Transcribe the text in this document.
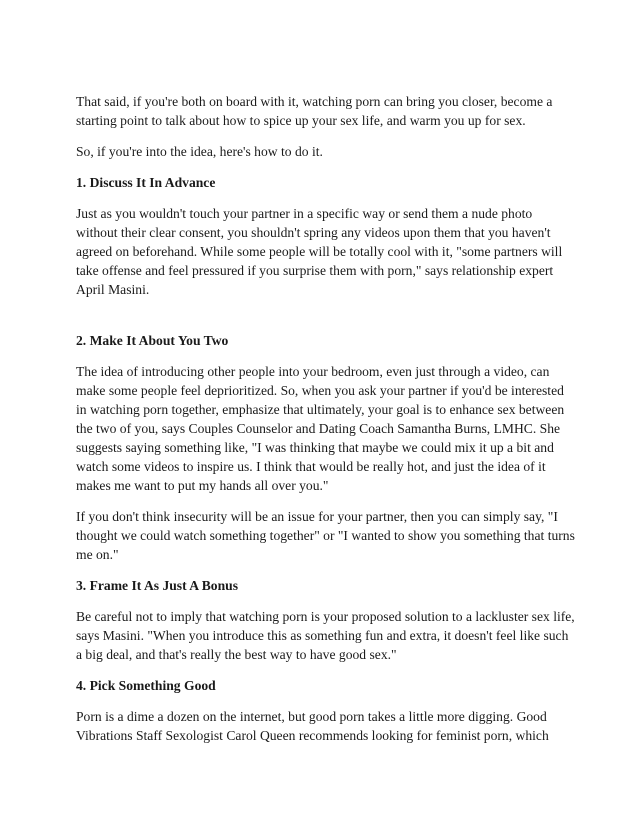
That said, if you're both on board with it, watching porn can bring you closer, become a starting point to talk about how to spice up your sex life, and warm you up for sex.

So, if you're into the idea, here's how to do it.

1. Discuss It In Advance

Just as you wouldn't touch your partner in a specific way or send them a nude photo without their clear consent, you shouldn't spring any videos upon them that you haven't agreed on beforehand. While some people will be totally cool with it, "some partners will take offense and feel pressured if you surprise them with porn," says relationship expert April Masini.

2. Make It About You Two

The idea of introducing other people into your bedroom, even just through a video, can make some people feel deprioritized. So, when you ask your partner if you'd be interested in watching porn together, emphasize that ultimately, your goal is to enhance sex between the two of you, says Couples Counselor and Dating Coach Samantha Burns, LMHC. She suggests saying something like, "I was thinking that maybe we could mix it up a bit and watch some videos to inspire us. I think that would be really hot, and just the idea of it makes me want to put my hands all over you."

If you don't think insecurity will be an issue for your partner, then you can simply say, "I thought we could watch something together" or "I wanted to show you something that turns me on."

3. Frame It As Just A Bonus

Be careful not to imply that watching porn is your proposed solution to a lackluster sex life, says Masini. "When you introduce this as something fun and extra, it doesn't feel like such a big deal, and that's really the best way to have good sex."

4. Pick Something Good

Porn is a dime a dozen on the internet, but good porn takes a little more digging. Good Vibrations Staff Sexologist Carol Queen recommends looking for feminist porn, which
